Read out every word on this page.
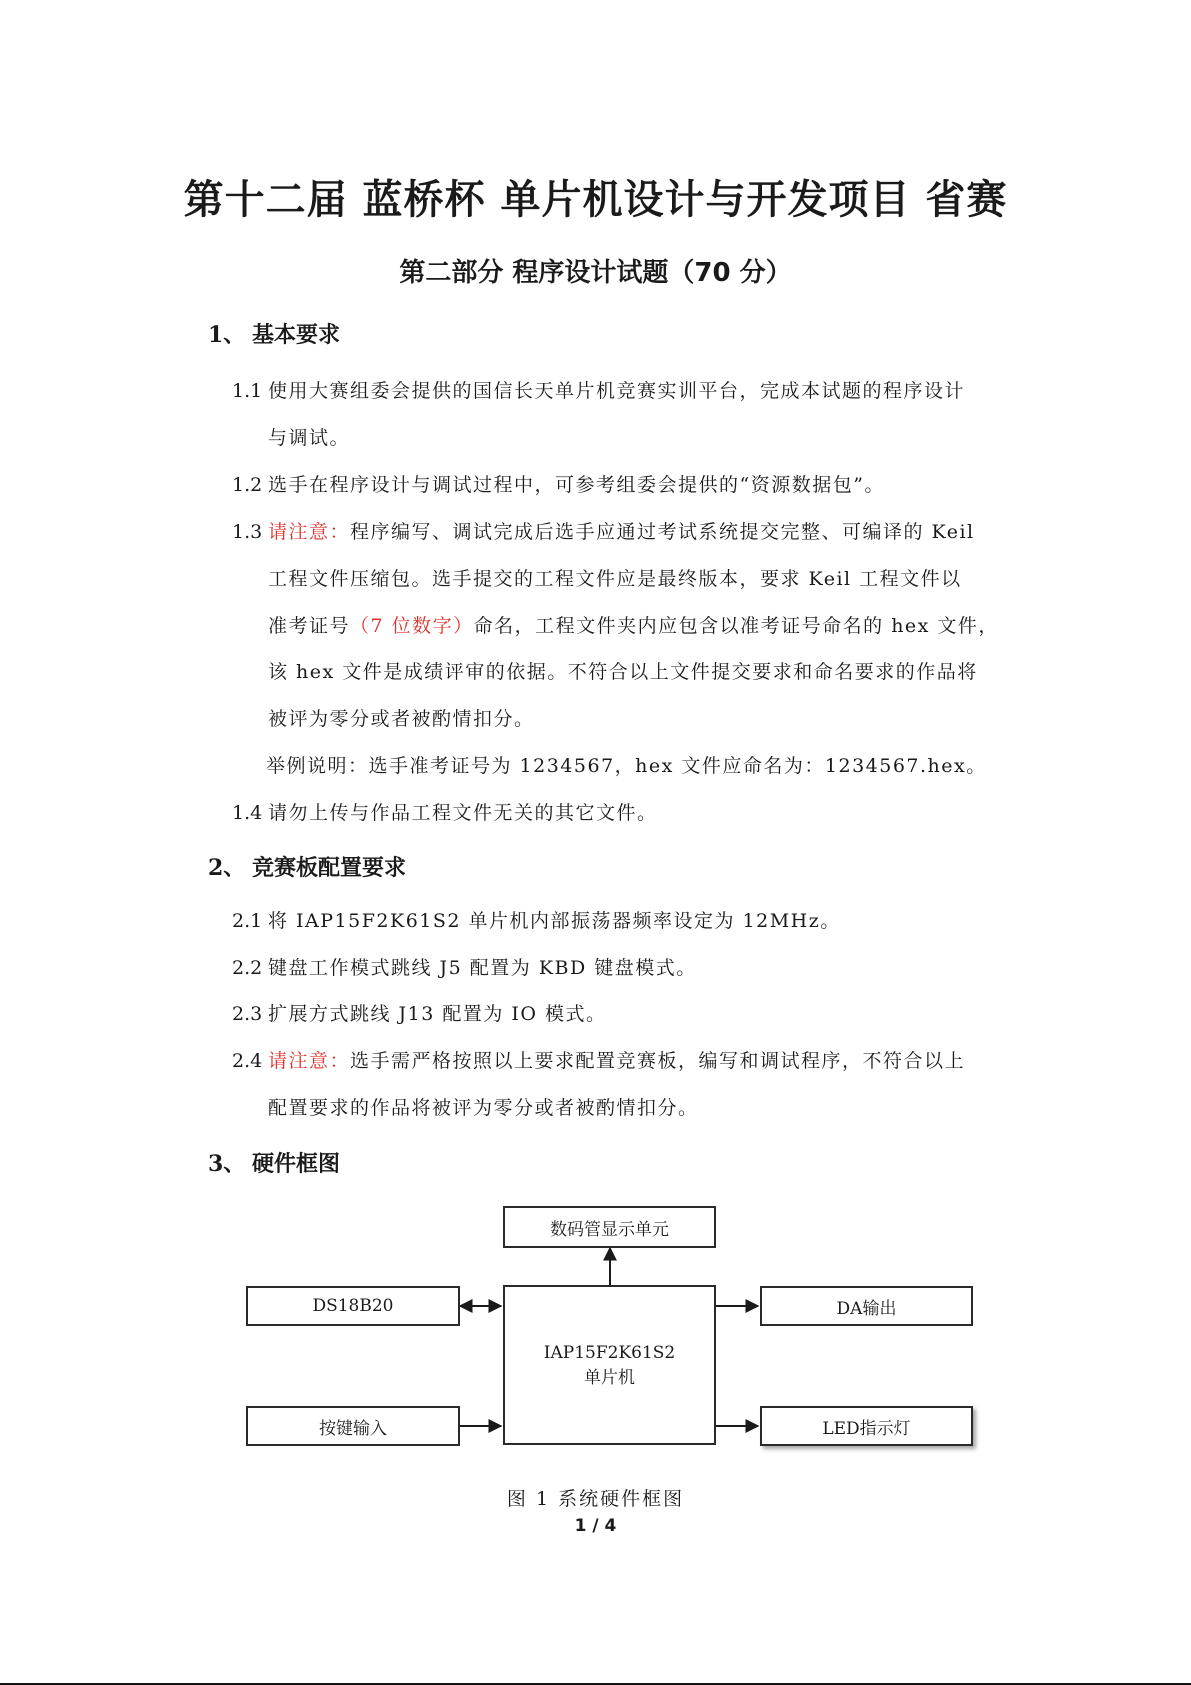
第十二届 蓝桥杯 单片机设计与开发项目 省赛
第二部分 程序设计试题（70 分）
1、 基本要求
1.1 使用大赛组委会提供的国信长天单片机竞赛实训平台，完成本试题的程序设计
与调试。
1.2 选手在程序设计与调试过程中，可参考组委会提供的“资源数据包”。
1.3 请注意：程序编写、调试完成后选手应通过考试系统提交完整、可编译的 Keil
工程文件压缩包。选手提交的工程文件应是最终版本，要求 Keil 工程文件以
准考证号（7 位数字）命名，工程文件夹内应包含以准考证号命名的 hex 文件，
该 hex 文件是成绩评审的依据。不符合以上文件提交要求和命名要求的作品将
被评为零分或者被酌情扣分。
举例说明：选手准考证号为 1234567，hex 文件应命名为：1234567.hex。
1.4 请勿上传与作品工程文件无关的其它文件。
2、 竞赛板配置要求
2.1 将 IAP15F2K61S2 单片机内部振荡器频率设定为 12MHz。
2.2 键盘工作模式跳线 J5 配置为 KBD 键盘模式。
2.3 扩展方式跳线 J13 配置为 IO 模式。
2.4 请注意：选手需严格按照以上要求配置竞赛板，编写和调试程序，不符合以上
配置要求的作品将被评为零分或者被酌情扣分。
3、 硬件框图
数码管显示单元
DS18B20
IAP15F2K61S2
单片机
DA输出
按键输入	LED指示灯
图 1 系统硬件框图
1 / 4
